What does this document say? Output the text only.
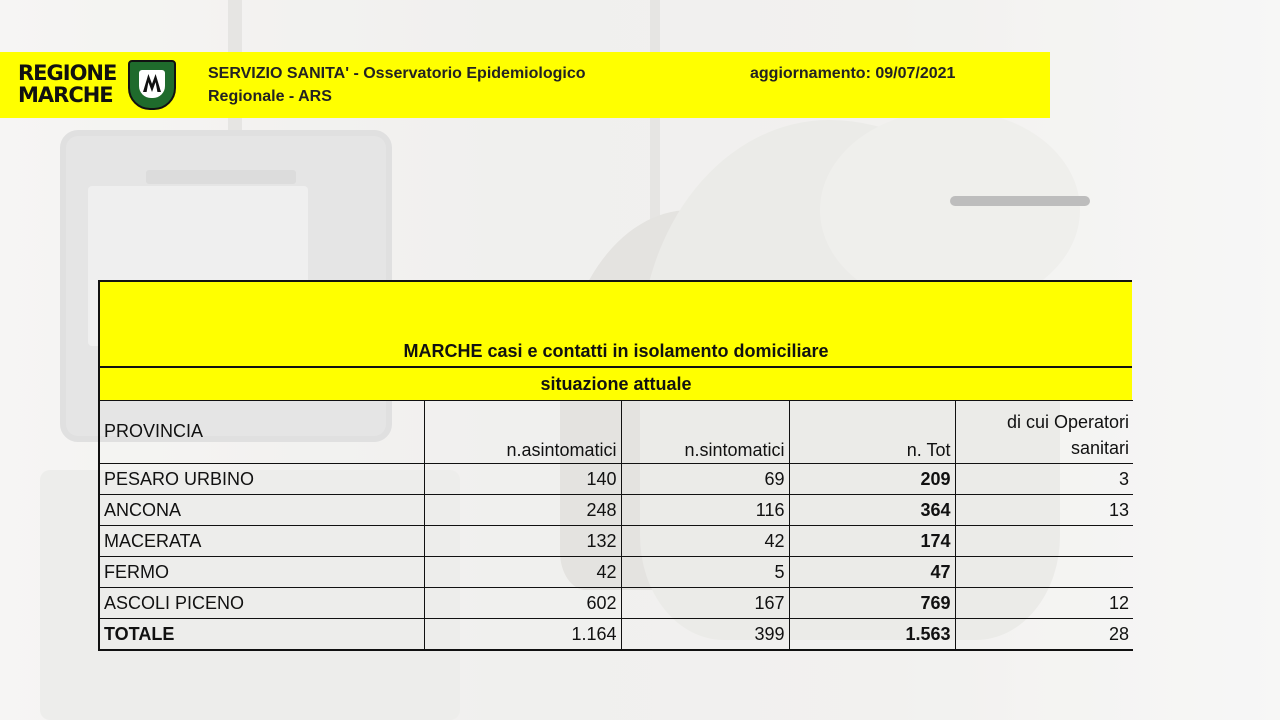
REGIONE MARCHE
SERVIZIO SANITA' - Osservatorio Epidemiologico
Regionale - ARS
aggiornamento: 09/07/2021
MARCHE casi e contatti in isolamento domiciliare
situazione attuale
PROVINCIA	n.asintomatici	n.sintomatici	n. Tot	di cui Operatori
sanitari

PESARO URBINO	140	69	209	3
ANCONA	248	116	364	13
MACERATA	132	42	174	
FERMO	42	5	47	
ASCOLI PICENO	602	167	769	12
TOTALE	1.164	399	1.563	28
